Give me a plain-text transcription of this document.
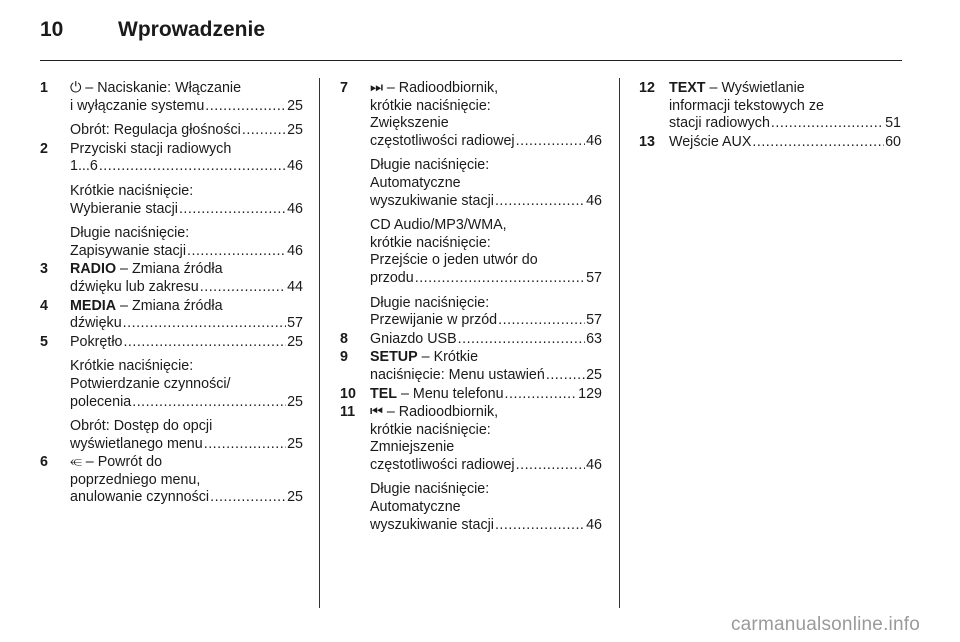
10	Wprowadzenie
1 ⏻ – Naciskanie: Włączanie
i wyłączanie systemu .....	25
Obrót: Regulacja głośności .....	25
2 Przyciski stacji radiowych
1...6 .....	46
Krótkie naciśnięcie:
Wybieranie stacji .....	46
Długie naciśnięcie:
Zapisywanie stacji .....	46
3 RADIO – Zmiana źródła
dźwięku lub zakresu .....	44
4 MEDIA – Zmiana źródła
dźwięku .....	57
5 Pokrętło .....	25
Krótkie naciśnięcie:
Potwierdzanie czynności/
polecenia .....	25
Obrót: Dostęp do opcji
wyświetlanego menu .....	25
6 ⥺ – Powrót do
poprzedniego menu,
anulowanie czynności .....	25
7 ⏭ – Radioodbiornik,
krótkie naciśnięcie:
Zwiększenie
częstotliwości radiowej .....	46
Długie naciśnięcie:
Automatyczne
wyszukiwanie stacji .....	46
CD Audio/MP3/WMA,
krótkie naciśnięcie:
Przejście o jeden utwór do
przodu .....	57
Długie naciśnięcie:
Przewijanie w przód .....	57
8 Gniazdo USB .....	63
9 SETUP – Krótkie
naciśnięcie: Menu ustawień .....	25
10 TEL – Menu telefonu .....	129
11 ⏮ – Radioodbiornik,
krótkie naciśnięcie:
Zmniejszenie
częstotliwości radiowej .....	46
Długie naciśnięcie:
Automatyczne
wyszukiwanie stacji .....	46
12 TEXT – Wyświetlanie
informacji tekstowych ze
stacji radiowych .....	51
13 Wejście AUX .....	60
carmanualsonline.info
